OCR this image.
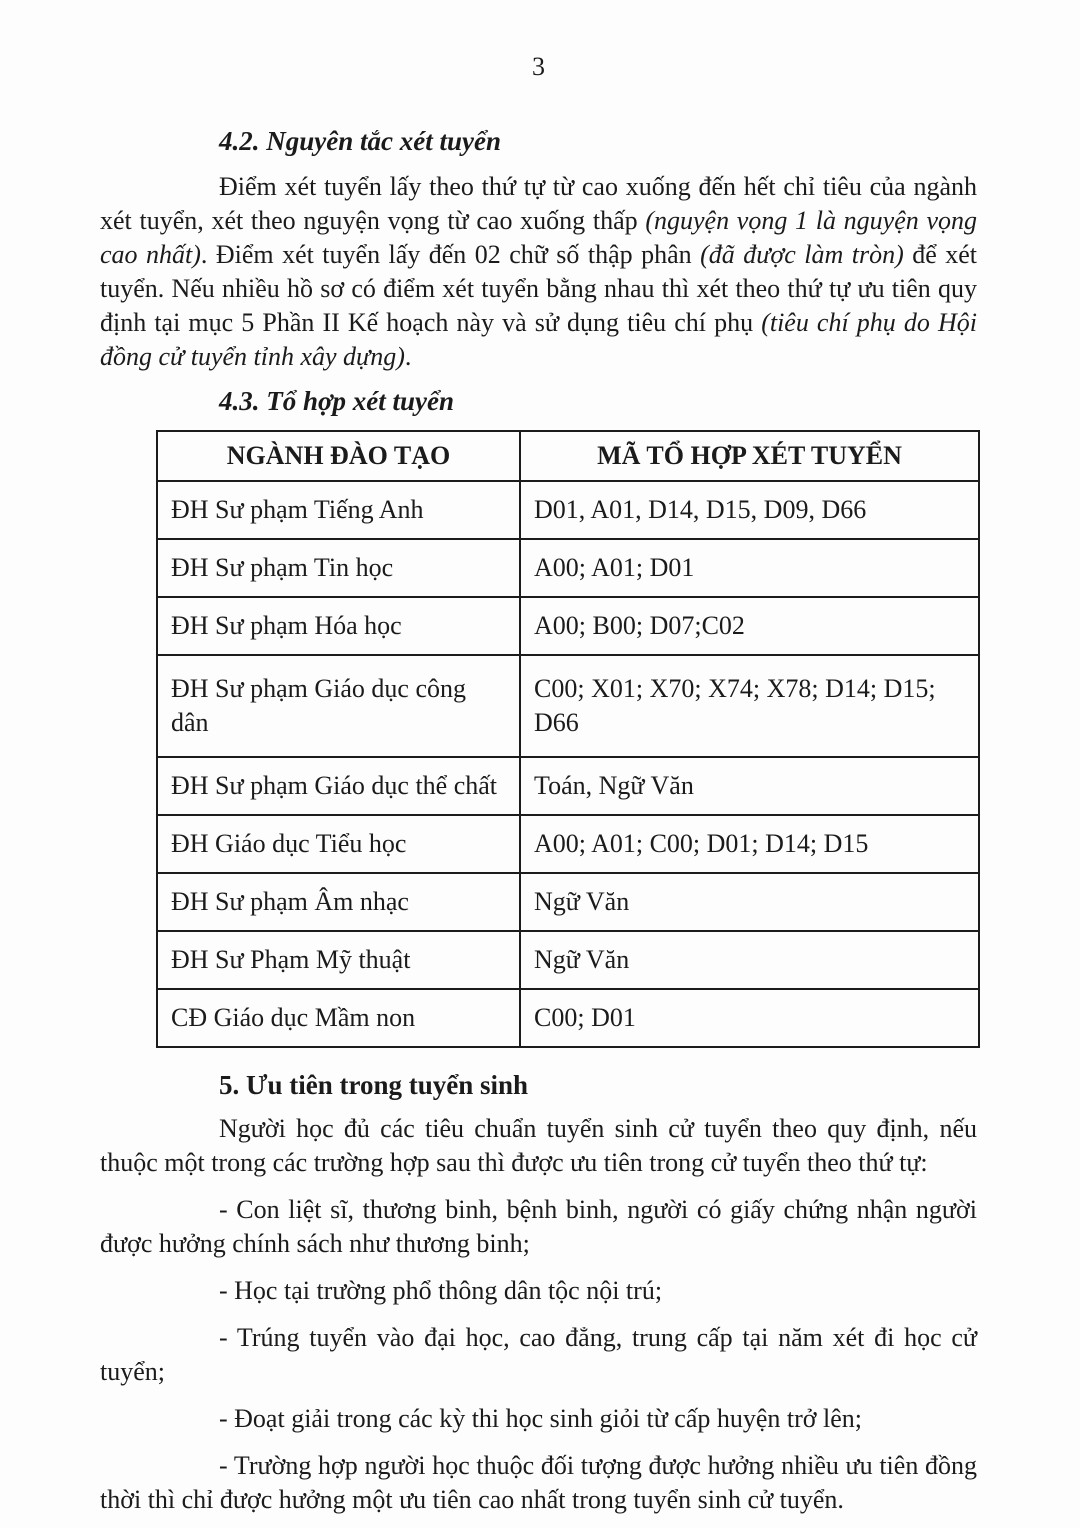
3
4.2. Nguyên tắc xét tuyển
Điểm xét tuyển lấy theo thứ tự từ cao xuống đến hết chỉ tiêu của ngành xét tuyển, xét theo nguyện vọng từ cao xuống thấp (nguyện vọng 1 là nguyện vọng cao nhất). Điểm xét tuyển lấy đến 02 chữ số thập phân (đã được làm tròn) để xét tuyển. Nếu nhiều hồ sơ có điểm xét tuyển bằng nhau thì xét theo thứ tự ưu tiên quy định tại mục 5 Phần II Kế hoạch này và sử dụng tiêu chí phụ (tiêu chí phụ do Hội đồng cử tuyển tỉnh xây dựng).
4.3. Tổ hợp xét tuyển
NGÀNH ĐÀO TẠO	MÃ TỔ HỢP XÉT TUYỂN
ĐH Sư phạm Tiếng Anh	D01, A01, D14, D15, D09, D66
ĐH Sư phạm Tin học	A00; A01; D01
ĐH Sư phạm Hóa học	A00; B00; D07;C02
ĐH Sư phạm Giáo dục công dân	C00; X01; X70; X74; X78; D14; D15; D66
ĐH Sư phạm Giáo dục thể chất	Toán, Ngữ Văn
ĐH Giáo dục Tiểu học	A00; A01; C00; D01; D14; D15
ĐH Sư phạm Âm nhạc	Ngữ Văn
ĐH Sư Phạm Mỹ thuật	Ngữ Văn
CĐ Giáo dục Mầm non	C00; D01
5. Ưu tiên trong tuyển sinh
Người học đủ các tiêu chuẩn tuyển sinh cử tuyển theo quy định, nếu thuộc một trong các trường hợp sau thì được ưu tiên trong cử tuyển theo thứ tự:
- Con liệt sĩ, thương binh, bệnh binh, người có giấy chứng nhận người được hưởng chính sách như thương binh;
- Học tại trường phổ thông dân tộc nội trú;
- Trúng tuyển vào đại học, cao đẳng, trung cấp tại năm xét đi học cử tuyển;
- Đoạt giải trong các kỳ thi học sinh giỏi từ cấp huyện trở lên;
- Trường hợp người học thuộc đối tượng được hưởng nhiều ưu tiên đồng thời thì chỉ được hưởng một ưu tiên cao nhất trong tuyển sinh cử tuyển.
